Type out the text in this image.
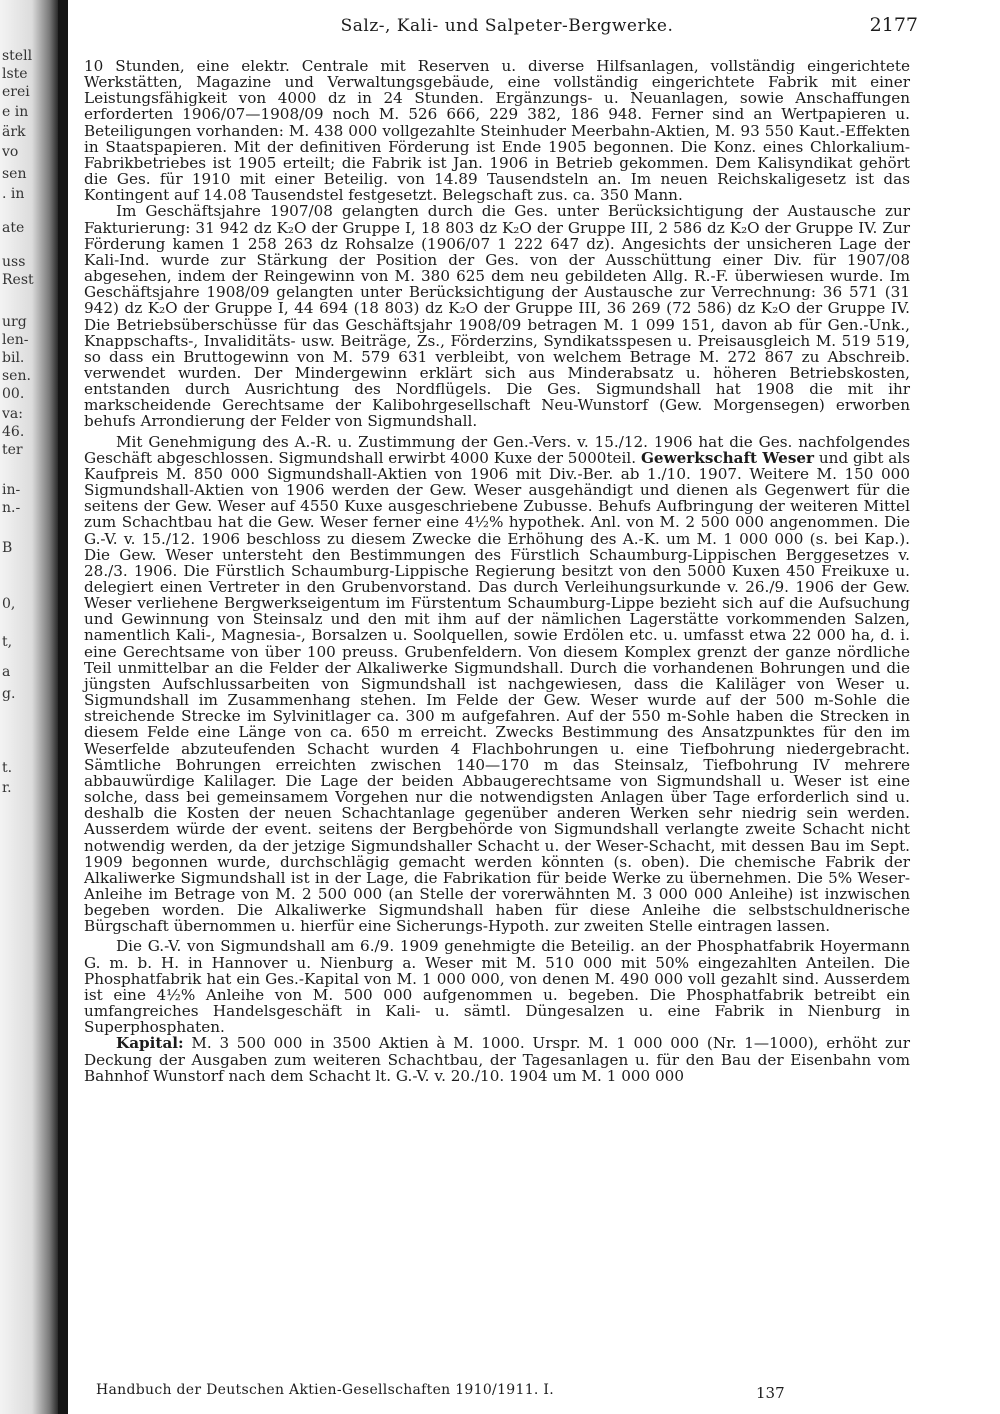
stell
lste
erei
e in
ärk
vo
sen
. in
ate
uss
Rest
urg
len-
bil.
sen.
00.
va:
46.
ter
in-
n.-
B
0,
t,
a
g.
t.
r.
Salz-, Kali- und Salpeter-Bergwerke.	2177

10 Stunden, eine elektr. Centrale mit Reserven u. diverse Hilfsanlagen, vollständig eingerichtete Werkstätten, Magazine und Verwaltungsgebäude, eine vollständig eingerichtete Fabrik mit einer Leistungsfähigkeit von 4000 dz in 24 Stunden. Ergänzungs- u. Neuanlagen, sowie Anschaffungen erforderten 1906/07—1908/09 noch M. 526 666, 229 382, 186 948. Ferner sind an Wertpapieren u. Beteiligungen vorhanden: M. 438 000 vollgezahlte Steinhuder Meerbahn-Aktien, M. 93 550 Kaut.-Effekten in Staatspapieren. Mit der definitiven Förderung ist Ende 1905 begonnen. Die Konz. eines Chlorkalium-Fabrikbetriebes ist 1905 erteilt; die Fabrik ist Jan. 1906 in Betrieb gekommen. Dem Kalisyndikat gehört die Ges. für 1910 mit einer Beteilig. von 14.89 Tausendsteln an. Im neuen Reichskaligesetz ist das Kontingent auf 14.08 Tausendstel festgesetzt. Belegschaft zus. ca. 350 Mann.

Im Geschäftsjahre 1907/08 gelangten durch die Ges. unter Berücksichtigung der Austausche zur Fakturierung: 31 942 dz K₂O der Gruppe I, 18 803 dz K₂O der Gruppe III, 2 586 dz K₂O der Gruppe IV. Zur Förderung kamen 1 258 263 dz Rohsalze (1906/07 1 222 647 dz). Angesichts der unsicheren Lage der Kali-Ind. wurde zur Stärkung der Position der Ges. von der Ausschüttung einer Div. für 1907/08 abgesehen, indem der Reingewinn von M. 380 625 dem neu gebildeten Allg. R.-F. überwiesen wurde. Im Geschäftsjahre 1908/09 gelangten unter Berücksichtigung der Austausche zur Verrechnung: 36 571 (31 942) dz K₂O der Gruppe I, 44 694 (18 803) dz K₂O der Gruppe III, 36 269 (72 586) dz K₂O der Gruppe IV. Die Betriebsüberschüsse für das Geschäftsjahr 1908/09 betragen M. 1 099 151, davon ab für Gen.-Unk., Knappschafts-, Invaliditäts- usw. Beiträge, Zs., Förderzins, Syndikatsspesen u. Preisausgleich M. 519 519, so dass ein Bruttogewinn von M. 579 631 verbleibt, von welchem Betrage M. 272 867 zu Abschreib. verwendet wurden. Der Mindergewinn erklärt sich aus Minderabsatz u. höheren Betriebskosten, entstanden durch Ausrichtung des Nordflügels. Die Ges. Sigmundshall hat 1908 die mit ihr markscheidende Gerechtsame der Kalibohrgesellschaft Neu-Wunstorf (Gew. Morgensegen) erworben behufs Arrondierung der Felder von Sigmundshall.

Mit Genehmigung des A.-R. u. Zustimmung der Gen.-Vers. v. 15./12. 1906 hat die Ges. nachfolgendes Geschäft abgeschlossen. Sigmundshall erwirbt 4000 Kuxe der 5000teil. Gewerkschaft Weser und gibt als Kaufpreis M. 850 000 Sigmundshall-Aktien von 1906 mit Div.-Ber. ab 1./10. 1907. Weitere M. 150 000 Sigmundshall-Aktien von 1906 werden der Gew. Weser ausgehändigt und dienen als Gegenwert für die seitens der Gew. Weser auf 4550 Kuxe ausgeschriebene Zubusse. Behufs Aufbringung der weiteren Mittel zum Schachtbau hat die Gew. Weser ferner eine 4½% hypothek. Anl. von M. 2 500 000 angenommen. Die G.-V. v. 15./12. 1906 beschloss zu diesem Zwecke die Erhöhung des A.-K. um M. 1 000 000 (s. bei Kap.). Die Gew. Weser untersteht den Bestimmungen des Fürstlich Schaumburg-Lippischen Berggesetzes v. 28./3. 1906. Die Fürstlich Schaumburg-Lippische Regierung besitzt von den 5000 Kuxen 450 Freikuxe u. delegiert einen Vertreter in den Grubenvorstand. Das durch Verleihungsurkunde v. 26./9. 1906 der Gew. Weser verliehene Bergwerkseigentum im Fürstentum Schaumburg-Lippe bezieht sich auf die Aufsuchung und Gewinnung von Steinsalz und den mit ihm auf der nämlichen Lagerstätte vorkommenden Salzen, namentlich Kali-, Magnesia-, Borsalzen u. Soolquellen, sowie Erdölen etc. u. umfasst etwa 22 000 ha, d. i. eine Gerechtsame von über 100 preuss. Grubenfeldern. Von diesem Komplex grenzt der ganze nördliche Teil unmittelbar an die Felder der Alkaliwerke Sigmundshall. Durch die vorhandenen Bohrungen und die jüngsten Aufschlussarbeiten von Sigmundshall ist nachgewiesen, dass die Kaliläger von Weser u. Sigmundshall im Zusammenhang stehen. Im Felde der Gew. Weser wurde auf der 500 m-Sohle die streichende Strecke im Sylvinitlager ca. 300 m aufgefahren. Auf der 550 m-Sohle haben die Strecken in diesem Felde eine Länge von ca. 650 m erreicht. Zwecks Bestimmung des Ansatzpunktes für den im Weserfelde abzuteufenden Schacht wurden 4 Flachbohrungen u. eine Tiefbohrung niedergebracht. Sämtliche Bohrungen erreichten zwischen 140—170 m das Steinsalz, Tiefbohrung IV mehrere abbauwürdige Kalilager. Die Lage der beiden Abbaugerechtsame von Sigmundshall u. Weser ist eine solche, dass bei gemeinsamem Vorgehen nur die notwendigsten Anlagen über Tage erforderlich sind u. deshalb die Kosten der neuen Schachtanlage gegenüber anderen Werken sehr niedrig sein werden. Ausserdem würde der event. seitens der Bergbehörde von Sigmundshall verlangte zweite Schacht nicht notwendig werden, da der jetzige Sigmundshaller Schacht u. der Weser-Schacht, mit dessen Bau im Sept. 1909 begonnen wurde, durchschlägig gemacht werden könnten (s. oben). Die chemische Fabrik der Alkaliwerke Sigmundshall ist in der Lage, die Fabrikation für beide Werke zu übernehmen. Die 5% Weser-Anleihe im Betrage von M. 2 500 000 (an Stelle der vorerwähnten M. 3 000 000 Anleihe) ist inzwischen begeben worden. Die Alkaliwerke Sigmundshall haben für diese Anleihe die selbstschuldnerische Bürgschaft übernommen u. hierfür eine Sicherungs-Hypoth. zur zweiten Stelle eintragen lassen.

Die G.-V. von Sigmundshall am 6./9. 1909 genehmigte die Beteilig. an der Phosphatfabrik Hoyermann G. m. b. H. in Hannover u. Nienburg a. Weser mit M. 510 000 mit 50% eingezahlten Anteilen. Die Phosphatfabrik hat ein Ges.-Kapital von M. 1 000 000, von denen M. 490 000 voll gezahlt sind. Ausserdem ist eine 4½% Anleihe von M. 500 000 aufgenommen u. begeben. Die Phosphatfabrik betreibt ein umfangreiches Handelsgeschäft in Kali- u. sämtl. Düngesalzen u. eine Fabrik in Nienburg in Superphosphaten.

Kapital: M. 3 500 000 in 3500 Aktien à M. 1000. Urspr. M. 1 000 000 (Nr. 1—1000), erhöht zur Deckung der Ausgaben zum weiteren Schachtbau, der Tagesanlagen u. für den Bau der Eisenbahn vom Bahnhof Wunstorf nach dem Schacht lt. G.-V. v. 20./10. 1904 um M. 1 000 000

Handbuch der Deutschen Aktien-Gesellschaften 1910/1911. I.	137
